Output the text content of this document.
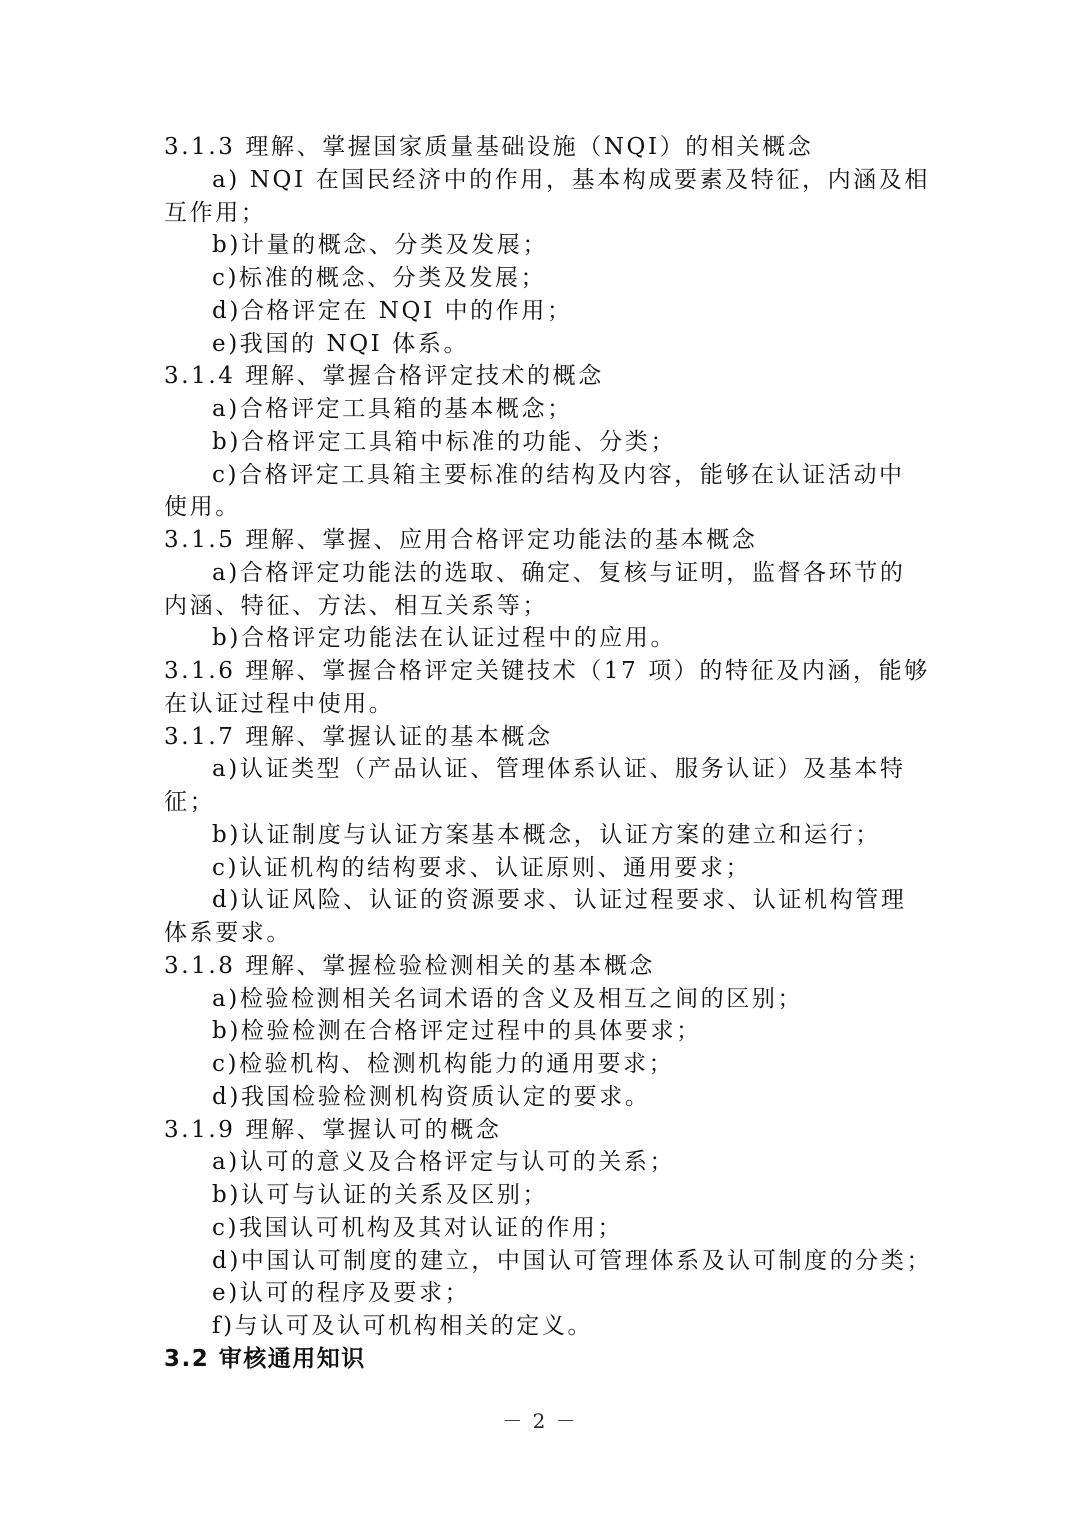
3.1.3 理解、掌握国家质量基础设施（NQI）的相关概念
a) NQI 在国民经济中的作用，基本构成要素及特征，内涵及相
互作用；
b)计量的概念、分类及发展；
c)标准的概念、分类及发展；
d)合格评定在 NQI 中的作用；
e)我国的 NQI 体系。
3.1.4 理解、掌握合格评定技术的概念
a)合格评定工具箱的基本概念；
b)合格评定工具箱中标准的功能、分类；
c)合格评定工具箱主要标准的结构及内容，能够在认证活动中
使用。
3.1.5 理解、掌握、应用合格评定功能法的基本概念
a)合格评定功能法的选取、确定、复核与证明，监督各环节的
内涵、特征、方法、相互关系等；
b)合格评定功能法在认证过程中的应用。
3.1.6 理解、掌握合格评定关键技术（17 项）的特征及内涵，能够
在认证过程中使用。
3.1.7 理解、掌握认证的基本概念
a)认证类型（产品认证、管理体系认证、服务认证）及基本特
征；
b)认证制度与认证方案基本概念，认证方案的建立和运行；
c)认证机构的结构要求、认证原则、通用要求；
d)认证风险、认证的资源要求、认证过程要求、认证机构管理
体系要求。
3.1.8 理解、掌握检验检测相关的基本概念
a)检验检测相关名词术语的含义及相互之间的区别；
b)检验检测在合格评定过程中的具体要求；
c)检验机构、检测机构能力的通用要求；
d)我国检验检测机构资质认定的要求。
3.1.9 理解、掌握认可的概念
a)认可的意义及合格评定与认可的关系；
b)认可与认证的关系及区别；
c)我国认可机构及其对认证的作用；
d)中国认可制度的建立，中国认可管理体系及认可制度的分类；
e)认可的程序及要求；
f)与认可及认可机构相关的定义。
3.2 审核通用知识
－ 2 －
